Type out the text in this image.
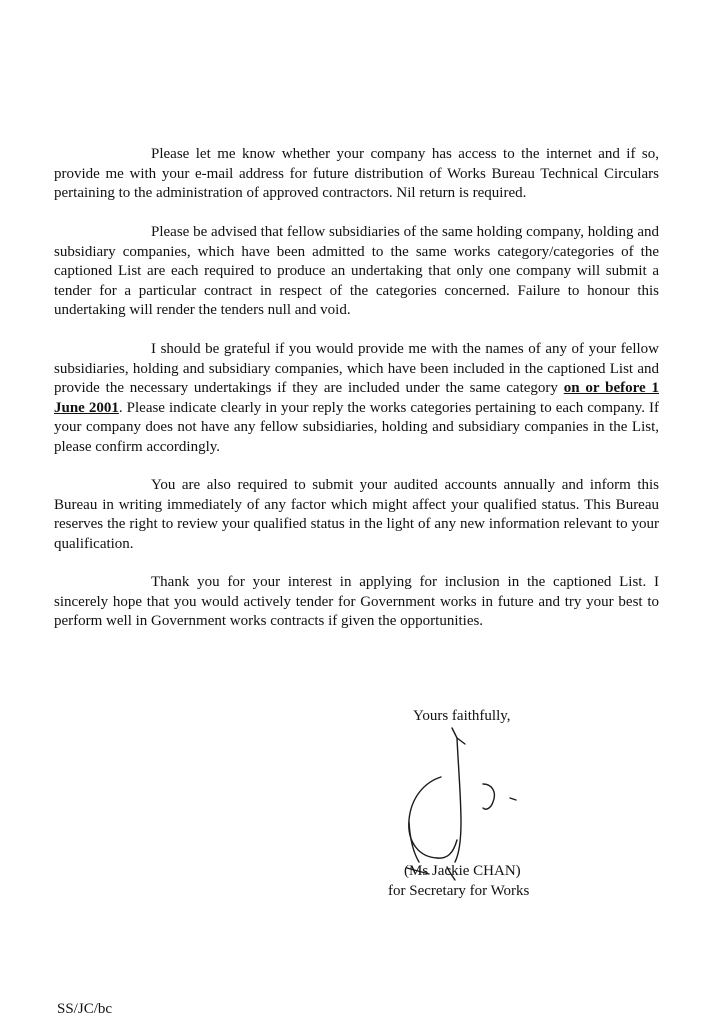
Please let me know whether your company has access to the internet and if so, provide me with your e-mail address for future distribution of Works Bureau Technical Circulars pertaining to the administration of approved contractors. Nil return is required.

Please be advised that fellow subsidiaries of the same holding company, holding and subsidiary companies, which have been admitted to the same works category/categories of the captioned List are each required to produce an undertaking that only one company will submit a tender for a particular contract in respect of the categories concerned. Failure to honour this undertaking will render the tenders null and void.

I should be grateful if you would provide me with the names of any of your fellow subsidiaries, holding and subsidiary companies, which have been included in the captioned List and provide the necessary undertakings if they are included under the same category on or before 1 June 2001. Please indicate clearly in your reply the works categories pertaining to each company. If your company does not have any fellow subsidiaries, holding and subsidiary companies in the List, please confirm accordingly.

You are also required to submit your audited accounts annually and inform this Bureau in writing immediately of any factor which might affect your qualified status. This Bureau reserves the right to review your qualified status in the light of any new information relevant to your qualification.

Thank you for your interest in applying for inclusion in the captioned List. I sincerely hope that you would actively tender for Government works in future and try your best to perform well in Government works contracts if given the opportunities.

Yours faithfully,
(Ms Jackie CHAN)
for Secretary for Works
SS/JC/bc
